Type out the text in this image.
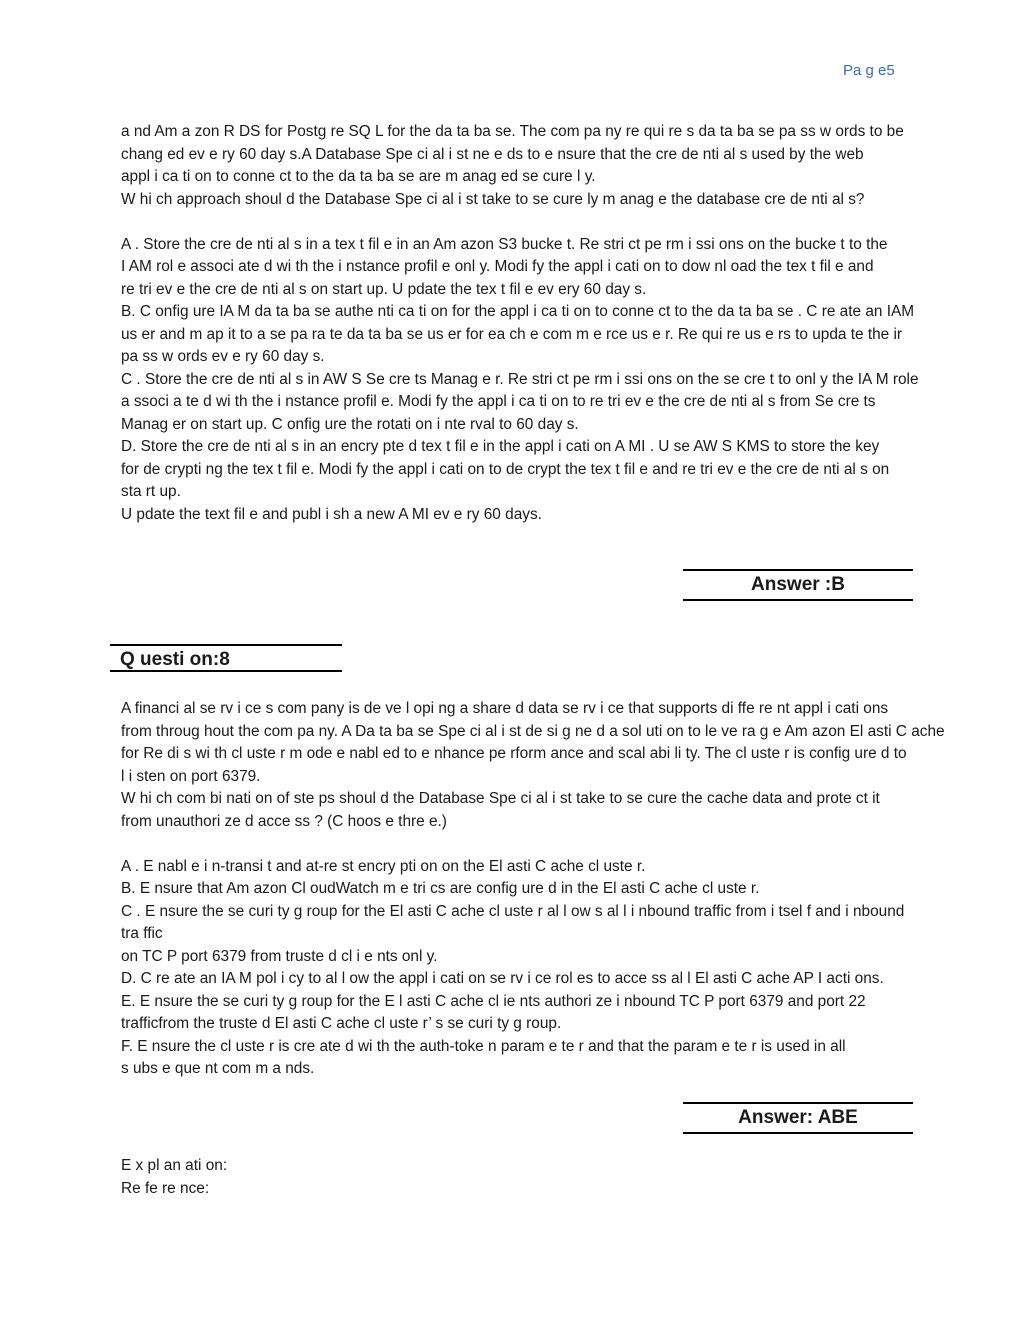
Pa g e5
a nd Am a zon R DS for Postg re SQ L for the da ta ba se. The com pa ny re qui re s da ta ba se pa ss w ords to be
chang ed ev e ry 60 day s.A Database Spe ci al i st ne e ds to e nsure that the cre de nti al s used by the web
appl i ca ti on to conne ct to the da ta ba se are m anag ed se cure l y.
W hi ch approach shoul d the Database Spe ci al i st take to se cure ly m anag e the database cre de nti al s?
A . Store the cre de nti al s in a tex t fil e in an Am azon S3 bucke t. Re stri ct pe rm i ssi ons on the bucke t to the
I AM rol e associ ate d wi th the i nstance profil e onl y. Modi fy the appl i cati on to dow nl oad the tex t fil e and
re tri ev e the cre de nti al s on start up. U pdate the tex t fil e ev ery 60 day s.
B. C onfig ure IA M da ta ba se authe nti ca ti on for the appl i ca ti on to conne ct to the da ta ba se . C re ate an IAM
us er and m ap it to a se pa ra te da ta ba se us er for ea ch e com m e rce us e r. Re qui re us e rs to upda te the ir
pa ss w ords ev e ry 60 day s.
C . Store the cre de nti al s in AW S Se cre ts Manag e r. Re stri ct pe rm i ssi ons on the se cre t to onl y the IA M role
a ssoci a te d wi th the i nstance profil e. Modi fy the appl i ca ti on to re tri ev e the cre de nti al s from Se cre ts
Manag er on start up. C onfig ure the rotati on i nte rval to 60 day s.
D. Store the cre de nti al s in an encry pte d tex t fil e in the appl i cati on A MI . U se AW S KMS to store the key
for de crypti ng the tex t fil e. Modi fy the appl i cati on to de crypt the tex t fil e and re tri ev e the cre de nti al s on
sta rt up.
U pdate the text fil e and publ i sh a new A MI ev e ry 60 days.
Answer :B
Q uesti on:8
A financi al se rv i ce s com pany is de ve l opi ng a share d data se rv i ce that supports di ffe re nt appl i cati ons
from throug hout the com pa ny. A Da ta ba se Spe ci al i st de si g ne d a sol uti on to le ve ra g e Am azon El asti C ache
for Re di s wi th cl uste r m ode e nabl ed to e nhance pe rform ance and scal abi li ty. The cl uste r is config ure d to
l i sten on port 6379.
W hi ch com bi nati on of ste ps shoul d the Database Spe ci al i st take to se cure the cache data and prote ct it
from unauthori ze d acce ss ? (C hoos e thre e.)
A . E nabl e i n-transi t and at-re st encry pti on on the El asti C ache cl uste r.
B. E nsure that Am azon Cl oudWatch m e tri cs are config ure d in the El asti C ache cl uste r.
C . E nsure the se curi ty g roup for the El asti C ache cl uste r al l ow s al l i nbound traffic from i tsel f and i nbound
tra ffic
on TC P port 6379 from truste d cl i e nts onl y.
D. C re ate an IA M pol i cy to al l ow the appl i cati on se rv i ce rol es to acce ss al l El asti C ache AP I acti ons.
E. E nsure the se curi ty g roup for the E l asti C ache cl ie nts authori ze i nbound TC P port 6379 and port 22
trafficfrom the truste d El asti C ache cl uste r’ s se curi ty g roup.
F. E nsure the cl uste r is cre ate d wi th the auth-toke n param e te r and that the param e te r is used in all
s ubs e que nt com m a nds.
Answer: ABE
E x pl an ati on:
Re fe re nce:
